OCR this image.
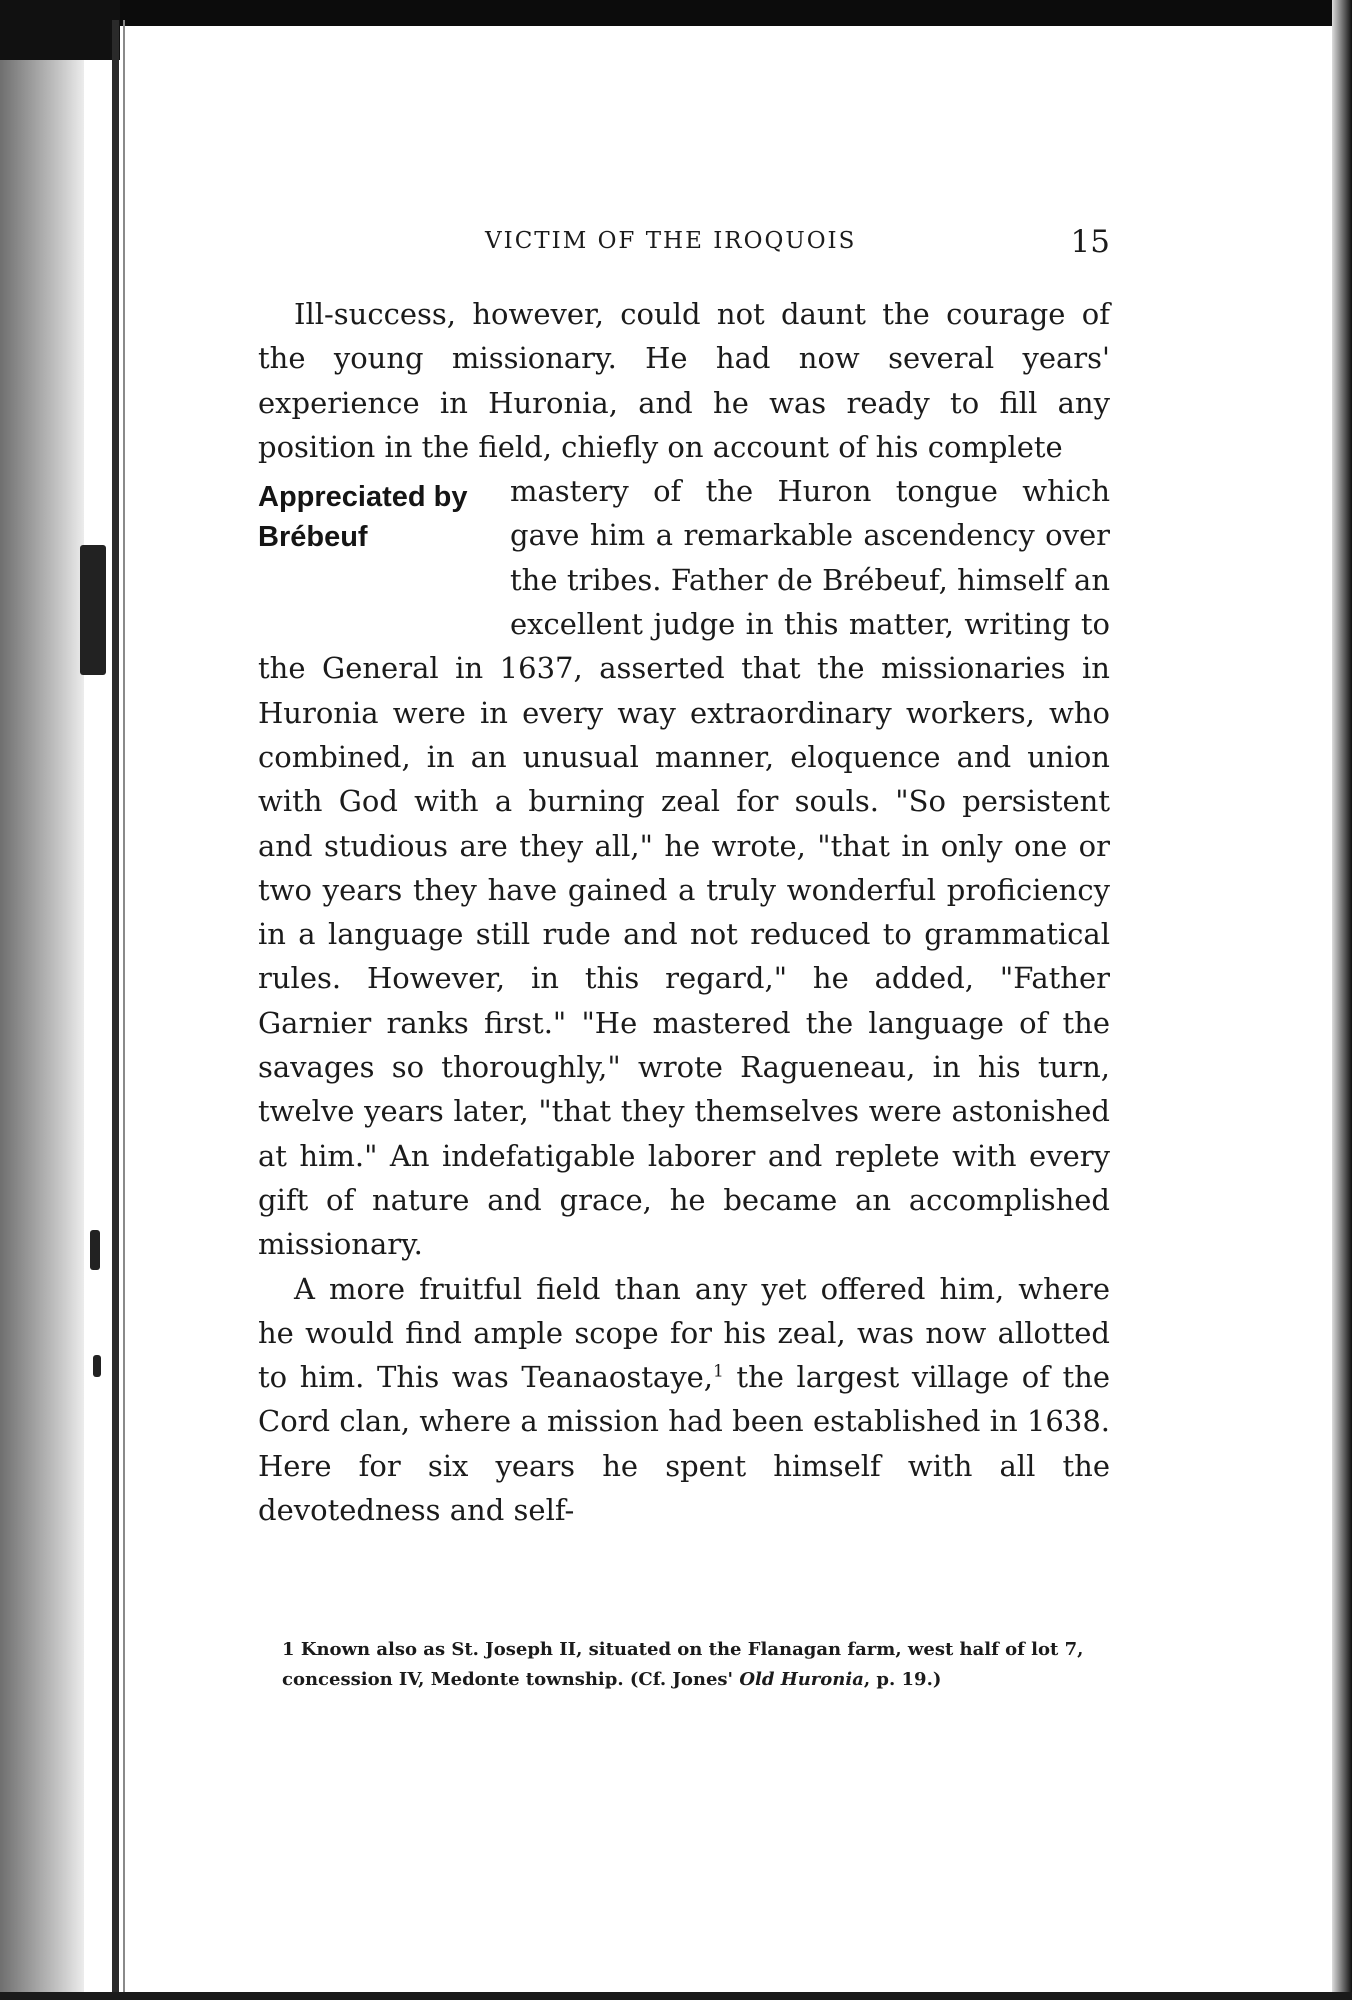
VICTIM OF THE IROQUOIS	15

Ill-success, however, could not daunt the courage of the young missionary. He had now several years' experience in Huronia, and he was ready to fill any position in the field, chiefly on account of his complete

Appreciated by
Brébeuf

mastery of the Huron tongue which gave him a remarkable ascendency over the tribes. Father de Brébeuf, himself an excellent judge in this matter, writing to the General in 1637, asserted that the missionaries in Huronia were in every way extraordinary workers, who combined, in an unusual manner, eloquence and union with God with a burning zeal for souls. "So persistent and studious are they all," he wrote, "that in only one or two years they have gained a truly wonderful proficiency in a language still rude and not reduced to grammatical rules. However, in this regard," he added, "Father Garnier ranks first." "He mastered the language of the savages so thoroughly," wrote Ragueneau, in his turn, twelve years later, "that they themselves were astonished at him." An indefatigable laborer and replete with every gift of nature and grace, he became an accomplished missionary.

A more fruitful field than any yet offered him, where he would find ample scope for his zeal, was now allotted to him. This was Teanaostaye,$^1$ the largest village of the Cord clan, where a mission had been established in 1638. Here for six years he spent himself with all the devotedness and self-

1 Known also as St. Joseph II, situated on the Flanagan farm, west half of lot 7, concession IV, Medonte township. (Cf. Jones' Old Huronia, p. 19.)
